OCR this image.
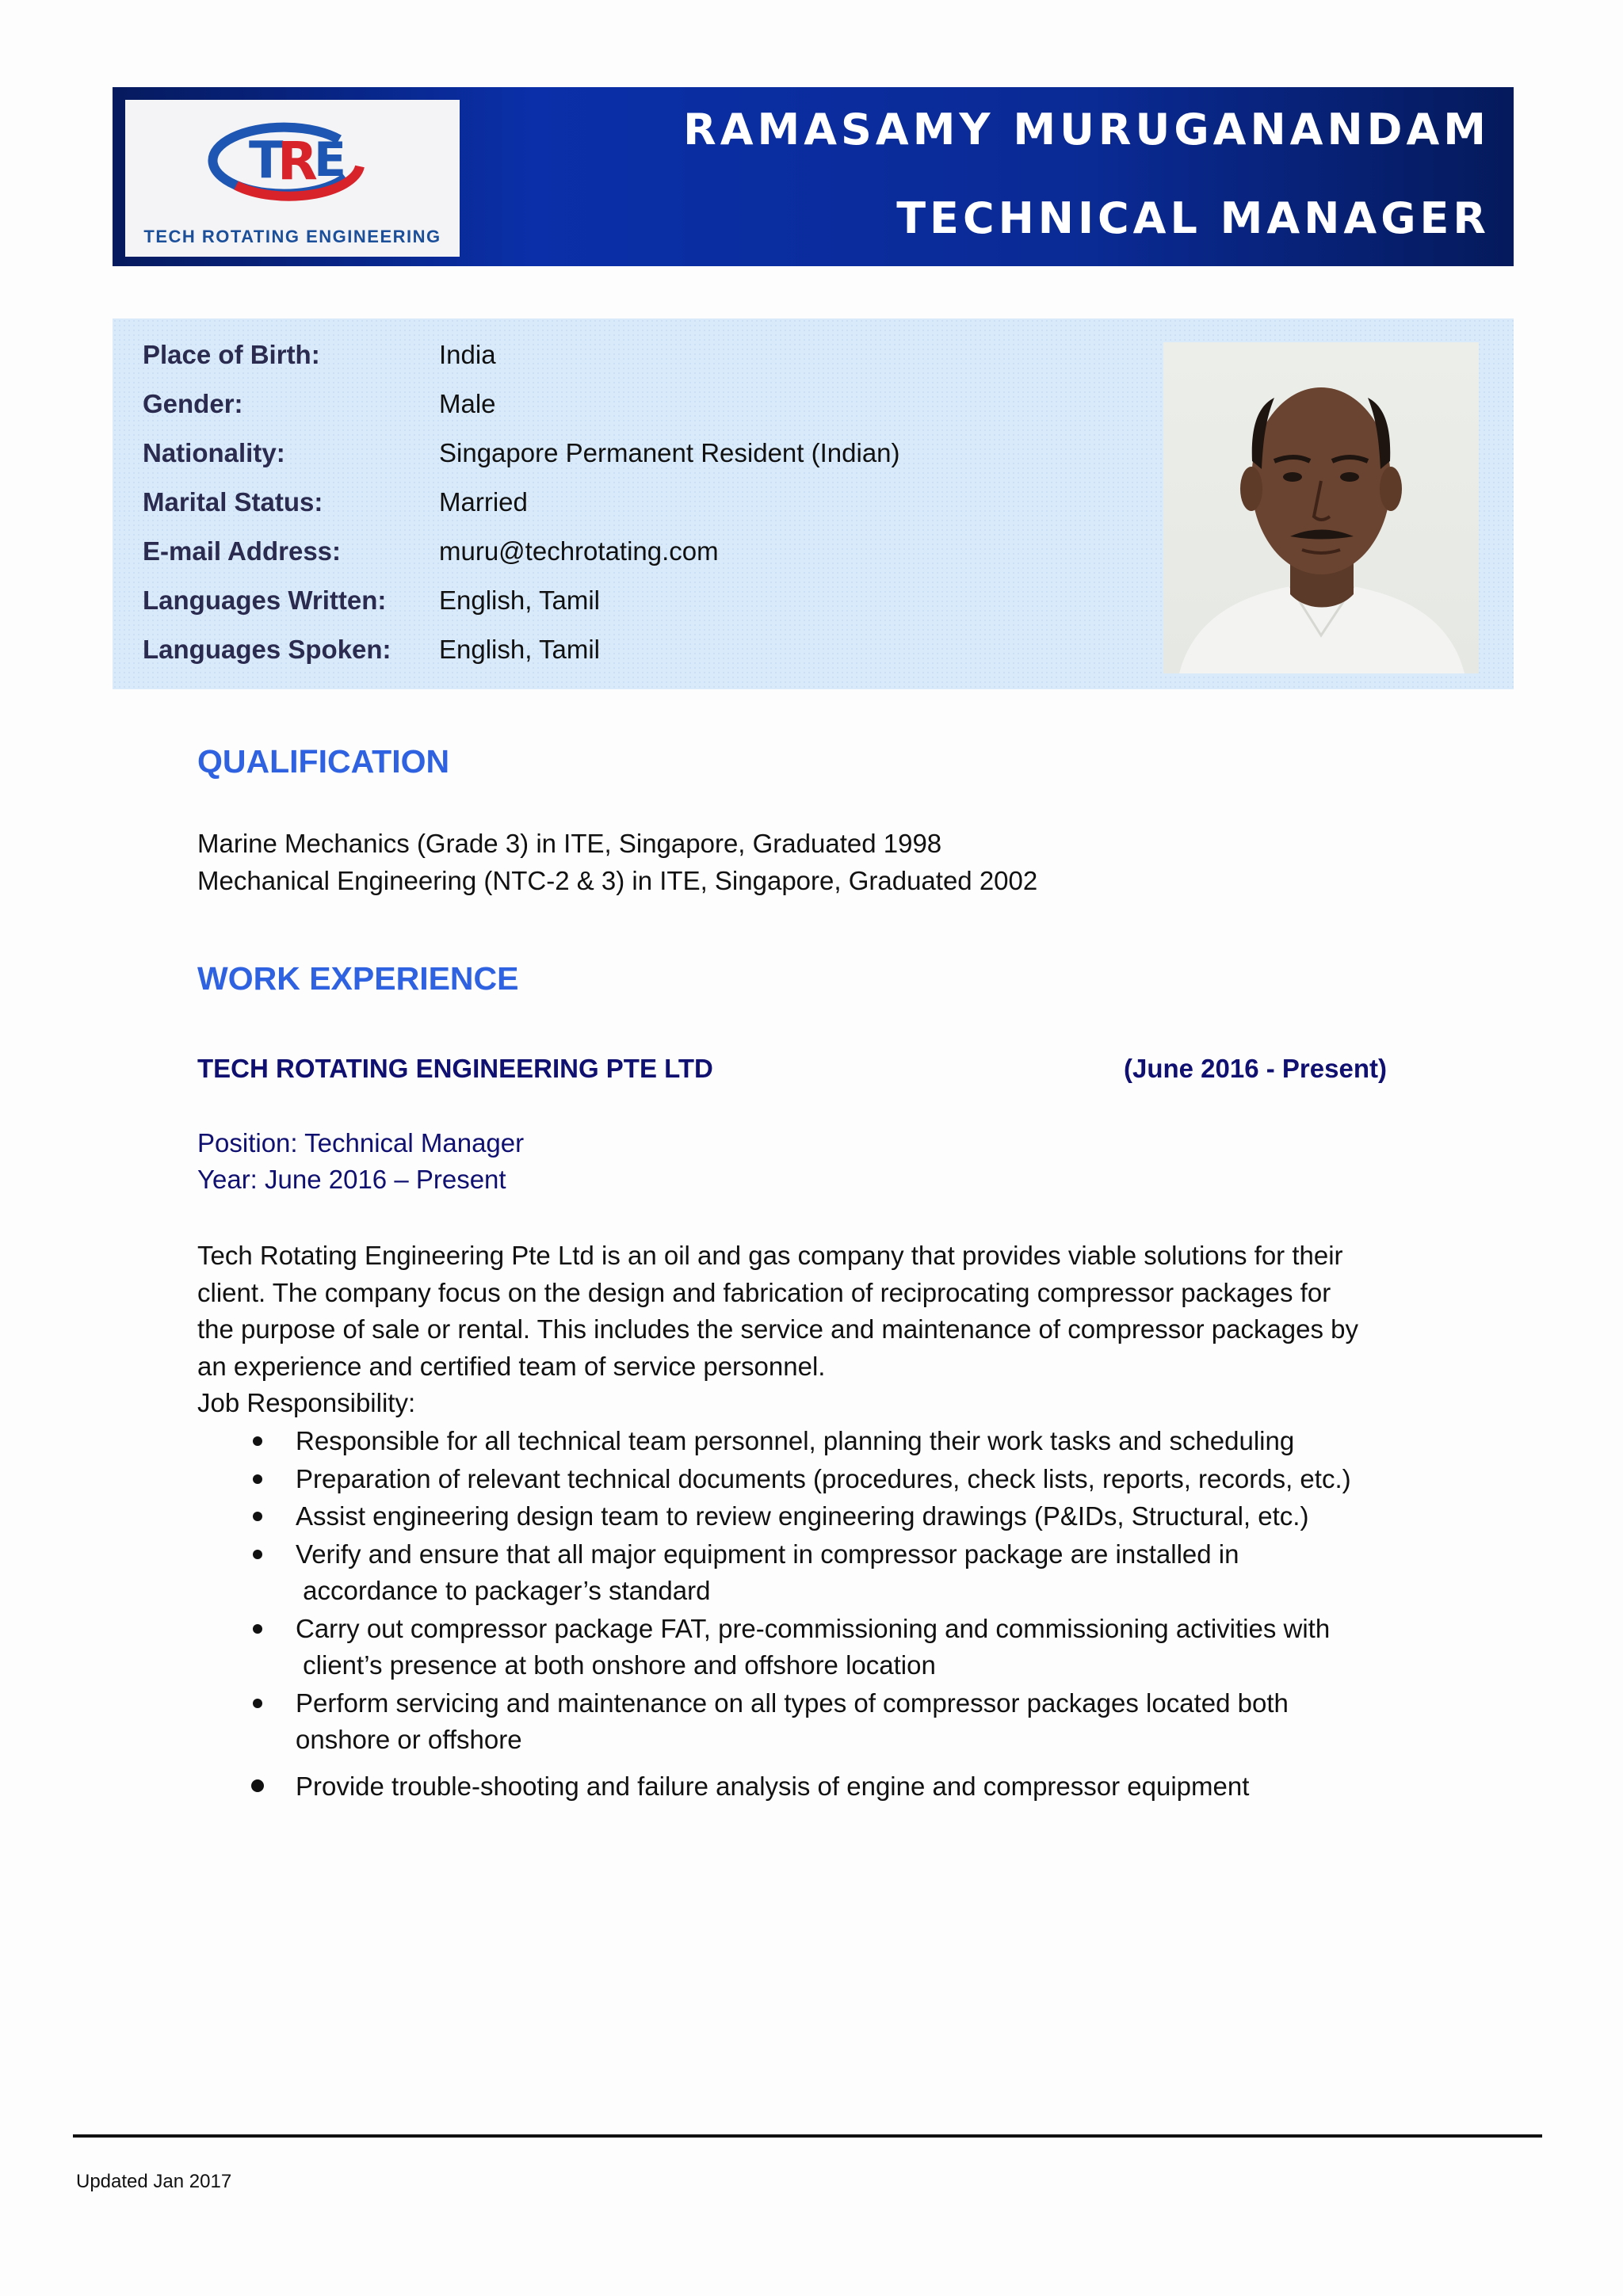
T
R
E
TECH ROTATING ENGINEERING
RAMASAMY MURUGANANDAM
TECHNICAL MANAGER
Place of Birth:	India
Gender:	Male
Nationality:	Singapore Permanent Resident (Indian)
Marital Status:	Married
E-mail Address:	muru@techrotating.com
Languages Written:	English, Tamil
Languages Spoken:	English, Tamil
QUALIFICATION
Marine Mechanics (Grade 3) in ITE, Singapore, Graduated 1998
Mechanical Engineering (NTC-2 & 3) in ITE, Singapore, Graduated 2002
WORK EXPERIENCE
TECH ROTATING ENGINEERING PTE LTD	(June 2016 - Present)
Position: Technical Manager
Year: June 2016 – Present
Tech Rotating Engineering Pte Ltd is an oil and gas company that provides viable solutions for their
client. The company focus on the design and fabrication of reciprocating compressor packages for
the purpose of sale or rental. This includes the service and maintenance of compressor packages by
an experience and certified team of service personnel.
Job Responsibility:
Responsible for all technical team personnel, planning their work tasks and scheduling
Preparation of relevant technical documents (procedures, check lists, reports, records, etc.)
Assist engineering design team to review engineering drawings (P&IDs, Structural, etc.)
Verify and ensure that all major equipment in compressor package are installed in
accordance to packager’s standard
Carry out compressor package FAT, pre-commissioning and commissioning activities with
client’s presence at both onshore and offshore location
Perform servicing and maintenance on all types of compressor packages located both
onshore or offshore
Provide trouble-shooting and failure analysis of engine and compressor equipment
Updated Jan 2017
